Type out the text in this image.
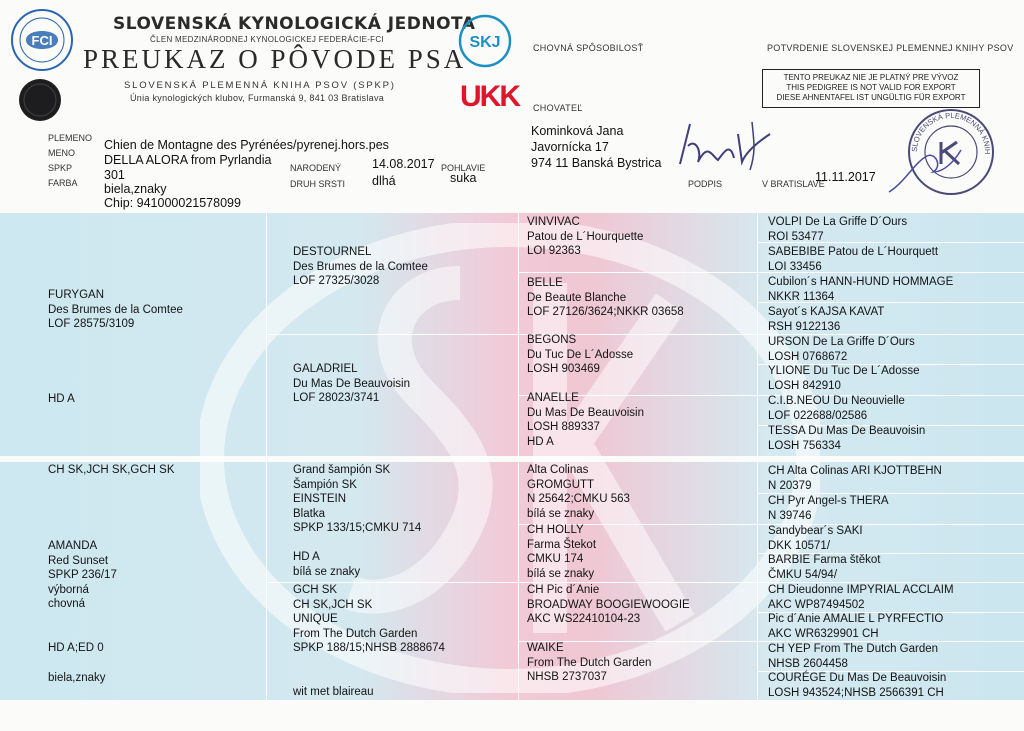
FCI
SLOVENSKÁ KYNOLOGICKÁ JEDNOTA
ČLEN MEDZINÁRODNEJ KYNOLOGICKEJ FEDERÁCIE-FCI
PREUKAZ O PÔVODE PSA
SLOVENSKÁ PLEMENNÁ KNIHA PSOV (SPKP)
Únia kynologických klubov, Furmanská 9, 841 03 Bratislava
SKJ
UKK
CHOVNÁ SPÔSOBILOSŤ	POTVRDENIE SLOVENSKEJ PLEMENNEJ KNIHY PSOV
TENTO PREUKAZ NIE JE PLATNÝ PRE VÝVOZ
THIS PEDIGREE IS NOT VALID FOR EXPORT
DIESE AHNENTAFEL IST UNGÜLTIG FÜR EXPORT
CHOVATEĽ
PLEMENO
MENO
SPKP
FARBA
Chien de Montagne des Pyrénées/pyrenej.hors.pes
DELLA ALORA from Pyrlandia
301
biela,znaky
Chip: 941000021578099
NARODENÝ
DRUH SRSTI
14.08.2017
dlhá
POHLAVIE
suka
Kominková Jana
Javornícka 17
974 11 Banská Bystrica
PODPIS	V BRATISLAVE
11.11.2017
SLOVENSKÁ PLEMENNÁ KNIH
FURYGAN
Des Brumes de la Comtee
LOF 28575/3109
HD A
CH SK,JCH SK,GCH SK
AMANDA
Red Sunset
SPKP 236/17
výborná
chovná
HD A;ED 0
biela,znaky
DESTOURNEL
Des Brumes de la Comtee
LOF 27325/3028
GALADRIEL
Du Mas De Beauvoisin
LOF 28023/3741
Grand šampión SK
Šampión SK
EINSTEIN
Blatka
SPKP 133/15;CMKU 714
HD A
bílá se znaky
GCH SK
CH SK,JCH SK
UNIQUE
From The Dutch Garden
SPKP 188/15;NHSB 2888674
wit met blaireau
VINVIVAC
Patou de L´Hourquette
LOI 92363
BELLE
De Beaute Blanche
LOF 27126/3624;NKKR 03658
BEGONS
Du Tuc De L´Adosse
LOSH 903469
ANAELLE
Du Mas De Beauvoisin
LOSH 889337
HD A
Alta Colinas
GROMGUTT
N 25642;CMKU 563
bílá se znaky
CH HOLLY
Farma Štekot
CMKU 174
bílá se znaky
CH Pic d´Anie
BROADWAY BOOGIEWOOGIE
AKC WS22410104-23
WAIKE
From The Dutch Garden
NHSB 2737037
VOLPI De La Griffe D´Ours
ROI 53477
SABEBIBE Patou de L´Hourquett
LOI 33456
Cubilon´s HANN-HUND HOMMAGE
NKKR 11364
Sayot´s KAJSA KAVAT
RSH 9122136
URSON De La Griffe D´Ours
LOSH 0768672
YLIONE Du Tuc De L´Adosse
LOSH 842910
C.I.B.NEOU Du Neouvielle
LOF 022688/02586
TESSA Du Mas De Beauvoisin
LOSH 756334
CH Alta Colinas ARI KJOTTBEHN
N 20379
CH Pyr Angel-s THERA
N 39746
Sandybear´s SAKI
DKK 10571/
BARBIE Farma štěkot
ČMKU 54/94/
CH Dieudonne IMPYRIAL ACCLAIM
AKC WP87494502
Pic d´Anie AMALIE L PYRFECTIO
AKC WR6329901 CH
CH YEP From The Dutch Garden
NHSB 2604458
COURÉGE Du Mas De Beauvoisin
LOSH 943524;NHSB 2566391 CH
